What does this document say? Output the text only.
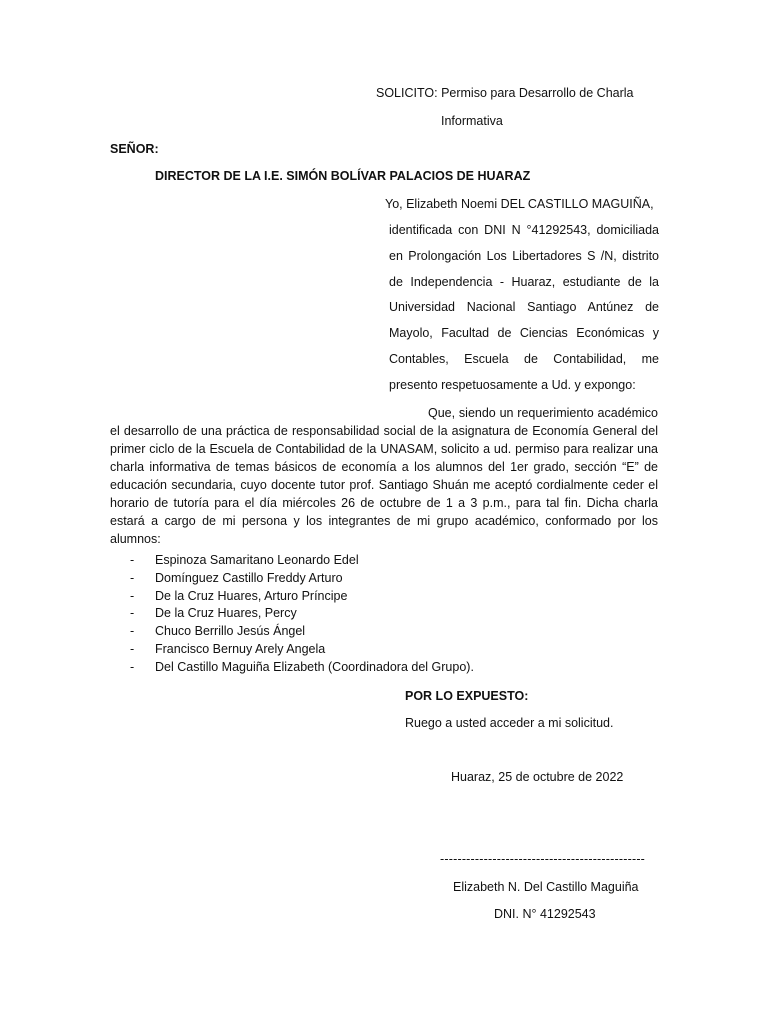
SOLICITO: Permiso para Desarrollo de Charla
Informativa
SEÑOR:
DIRECTOR DE LA I.E. SIMÓN BOLÍVAR PALACIOS DE HUARAZ
Yo, Elizabeth Noemi DEL CASTILLO MAGUIÑA,
identificada con DNI N °41292543, domiciliada
en Prolongación Los Libertadores S /N, distrito
de Independencia - Huaraz, estudiante de la
Universidad Nacional Santiago Antúnez de
Mayolo, Facultad de Ciencias Económicas y
Contables, Escuela de Contabilidad, me
presento respetuosamente a Ud. y expongo:
Que, siendo un requerimiento académico el desarrollo de una práctica de responsabilidad social de la asignatura de Economía General del primer ciclo de la Escuela de Contabilidad de la UNASAM, solicito a ud. permiso para realizar una charla informativa de temas básicos de economía a los alumnos del 1er grado, sección “E” de educación secundaria, cuyo docente tutor prof. Santiago Shuán me aceptó cordialmente ceder el horario de tutoría para el día miércoles 26 de octubre de 1 a 3 p.m., para tal fin. Dicha charla estará a cargo de mi persona y los integrantes de mi grupo académico, conformado por los alumnos:
- Espinoza Samaritano Leonardo Edel
- Domínguez Castillo Freddy Arturo
- De la Cruz Huares, Arturo Príncipe
- De la Cruz Huares, Percy
- Chuco Berrillo Jesús Ángel
- Francisco Bernuy Arely Angela
- Del Castillo Maguiña Elizabeth (Coordinadora del Grupo).
POR LO EXPUESTO:
Ruego a usted acceder a mi solicitud.
Huaraz, 25 de octubre de 2022
-----------------------------------------------
Elizabeth N. Del Castillo Maguiña
DNI. N° 41292543
